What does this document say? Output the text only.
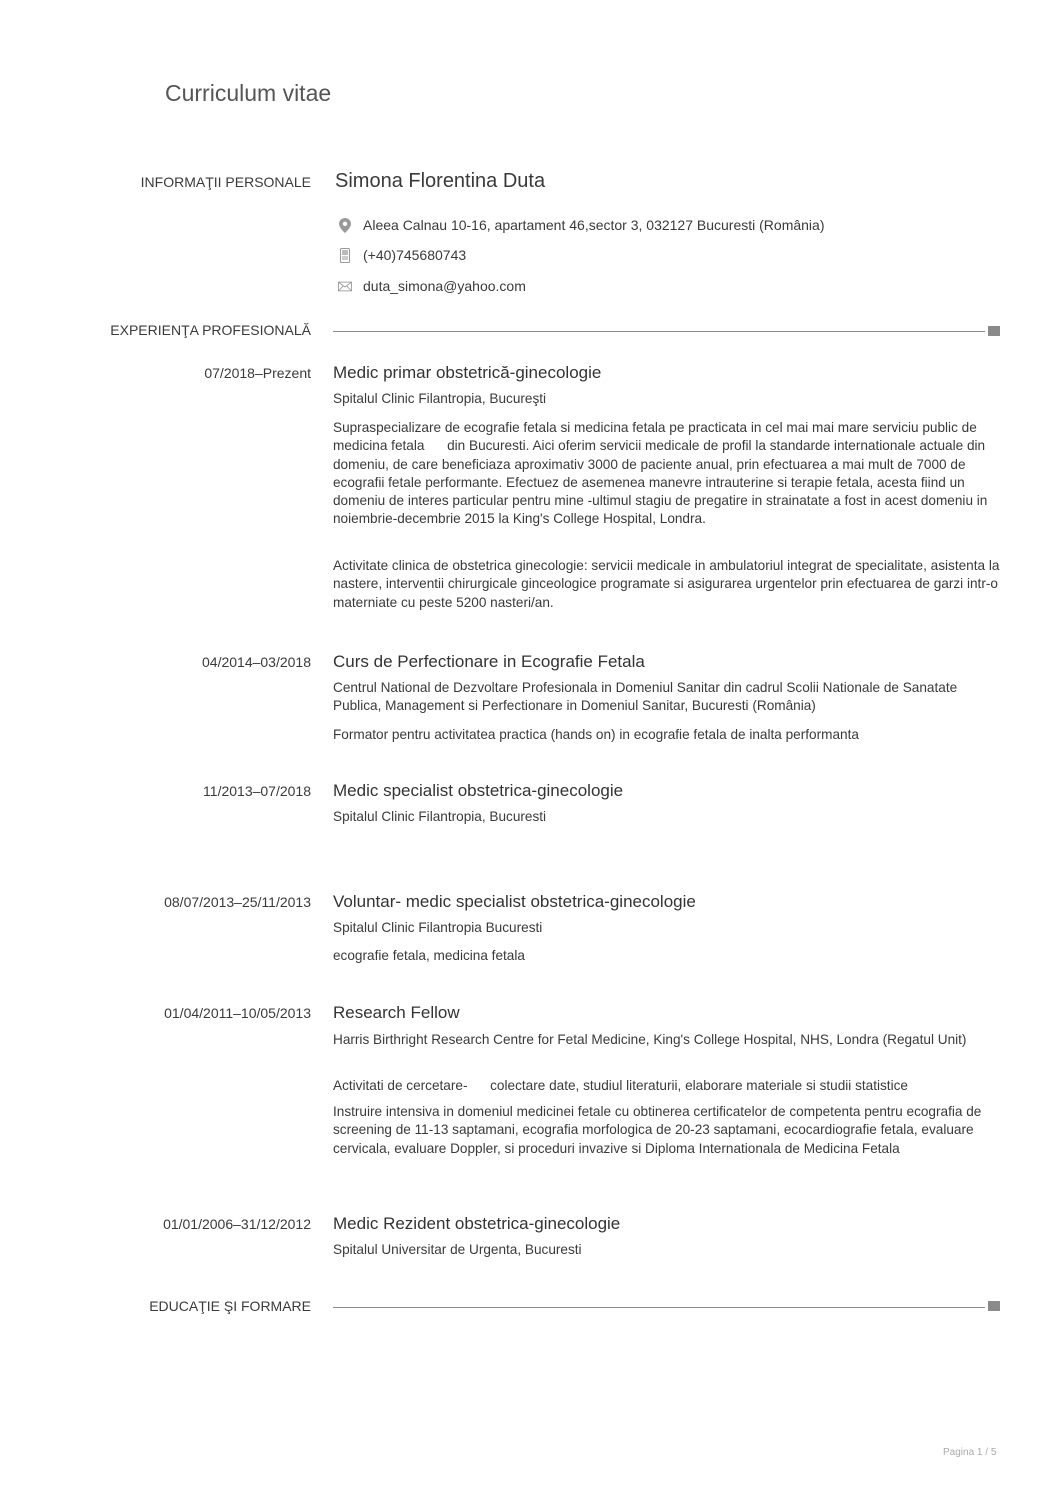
Curriculum vitae
INFORMAŢII PERSONALE Simona Florentina Duta
Aleea Calnau 10-16, apartament 46,sector 3, 032127 Bucuresti (România)
(+40)745680743
duta_simona@yahoo.com
EXPERIENŢA PROFESIONALĂ
07/2018–Prezent Medic primar obstetrică-ginecologie
Spitalul Clinic Filantropia, Bucureşti
Supraspecializare de ecografie fetala si medicina fetala pe practicata in cel mai mai mare serviciu public de medicina fetala      din Bucuresti. Aici oferim servicii medicale de profil la standarde internationale actuale din domeniu, de care beneficiaza aproximativ 3000 de paciente anual, prin efectuarea a mai mult de 7000 de ecografii fetale performante. Efectuez de asemenea manevre intrauterine si terapie fetala, acesta fiind un domeniu de interes particular pentru mine -ultimul stagiu de pregatire in strainatate a fost in acest domeniu in noiembrie-decembrie 2015 la King's College Hospital, Londra.
Activitate clinica de obstetrica ginecologie: servicii medicale in ambulatoriul integrat de specialitate, asistenta la nastere, interventii chirurgicale ginceologice programate si asigurarea urgentelor prin efectuarea de garzi intr-o materniate cu peste 5200 nasteri/an.
04/2014–03/2018 Curs de Perfectionare in Ecografie Fetala
Centrul National de Dezvoltare Profesionala in Domeniul Sanitar din cadrul Scolii Nationale de Sanatate Publica, Management si Perfectionare in Domeniul Sanitar, Bucuresti (România)
Formator pentru activitatea practica (hands on) in ecografie fetala de inalta performanta
11/2013–07/2018 Medic specialist obstetrica-ginecologie
Spitalul Clinic Filantropia, Bucuresti
08/07/2013–25/11/2013 Voluntar- medic specialist obstetrica-ginecologie
Spitalul Clinic Filantropia Bucuresti
ecografie fetala, medicina fetala
01/04/2011–10/05/2013 Research Fellow
Harris Birthright Research Centre for Fetal Medicine, King's College Hospital, NHS, Londra (Regatul Unit)
Activitati de cercetare-      colectare date, studiul literaturii, elaborare materiale si studii statistice
Instruire intensiva in domeniul medicinei fetale cu obtinerea certificatelor de competenta pentru ecografia de screening de 11-13 saptamani, ecografia morfologica de 20-23 saptamani, ecocardiografie fetala, evaluare cervicala, evaluare Doppler, si proceduri invazive si Diploma Internationala de Medicina Fetala
01/01/2006–31/12/2012 Medic Rezident obstetrica-ginecologie
Spitalul Universitar de Urgenta, Bucuresti
EDUCAŢIE ŞI FORMARE
Pagina 1 / 5
